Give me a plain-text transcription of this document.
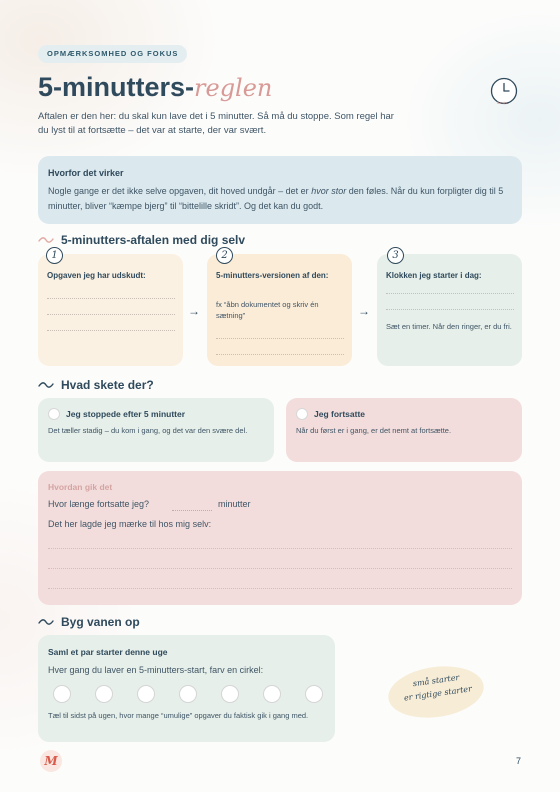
OPMÆRKSOMHED OG FOKUS
5-minutters-reglen
5 min
Aftalen er den her: du skal kun lave det i 5 minutter. Så må du stoppe. Som regel har du lyst til at fortsætte – det var at starte, der var svært.
Hvorfor det virker
Nogle gange er det ikke selve opgaven, dit hoved undgår – det er hvor stor den føles. Når du kun forpligter dig til 5 minutter, bliver “kæmpe bjerg” til “bittelille skridt”. Og det kan du godt.
5-minutters-aftalen med dig selv
1	2	3
Opgaven jeg har udskudt:
→	→
5-minutters-versionen af den:
fx “åbn dokumentet og skriv én sætning”
Klokken jeg starter i dag:
Sæt en timer. Når den ringer, er du fri.
Hvad skete der?
Jeg stoppede efter 5 minutter
Det tæller stadig – du kom i gang, og det var den svære del.
Jeg fortsatte
Når du først er i gang, er det nemt at fortsætte.
Hvordan gik det
Hvor længe fortsatte jeg?	minutter
Det her lagde jeg mærke til hos mig selv:
Byg vanen op
Saml et par starter denne uge
Hver gang du laver en 5-minutters-start, farv en cirkel:
Tæl til sidst på ugen, hvor mange “umulige” opgaver du faktisk gik i gang med.
små starter
er rigtige starter
M	7
